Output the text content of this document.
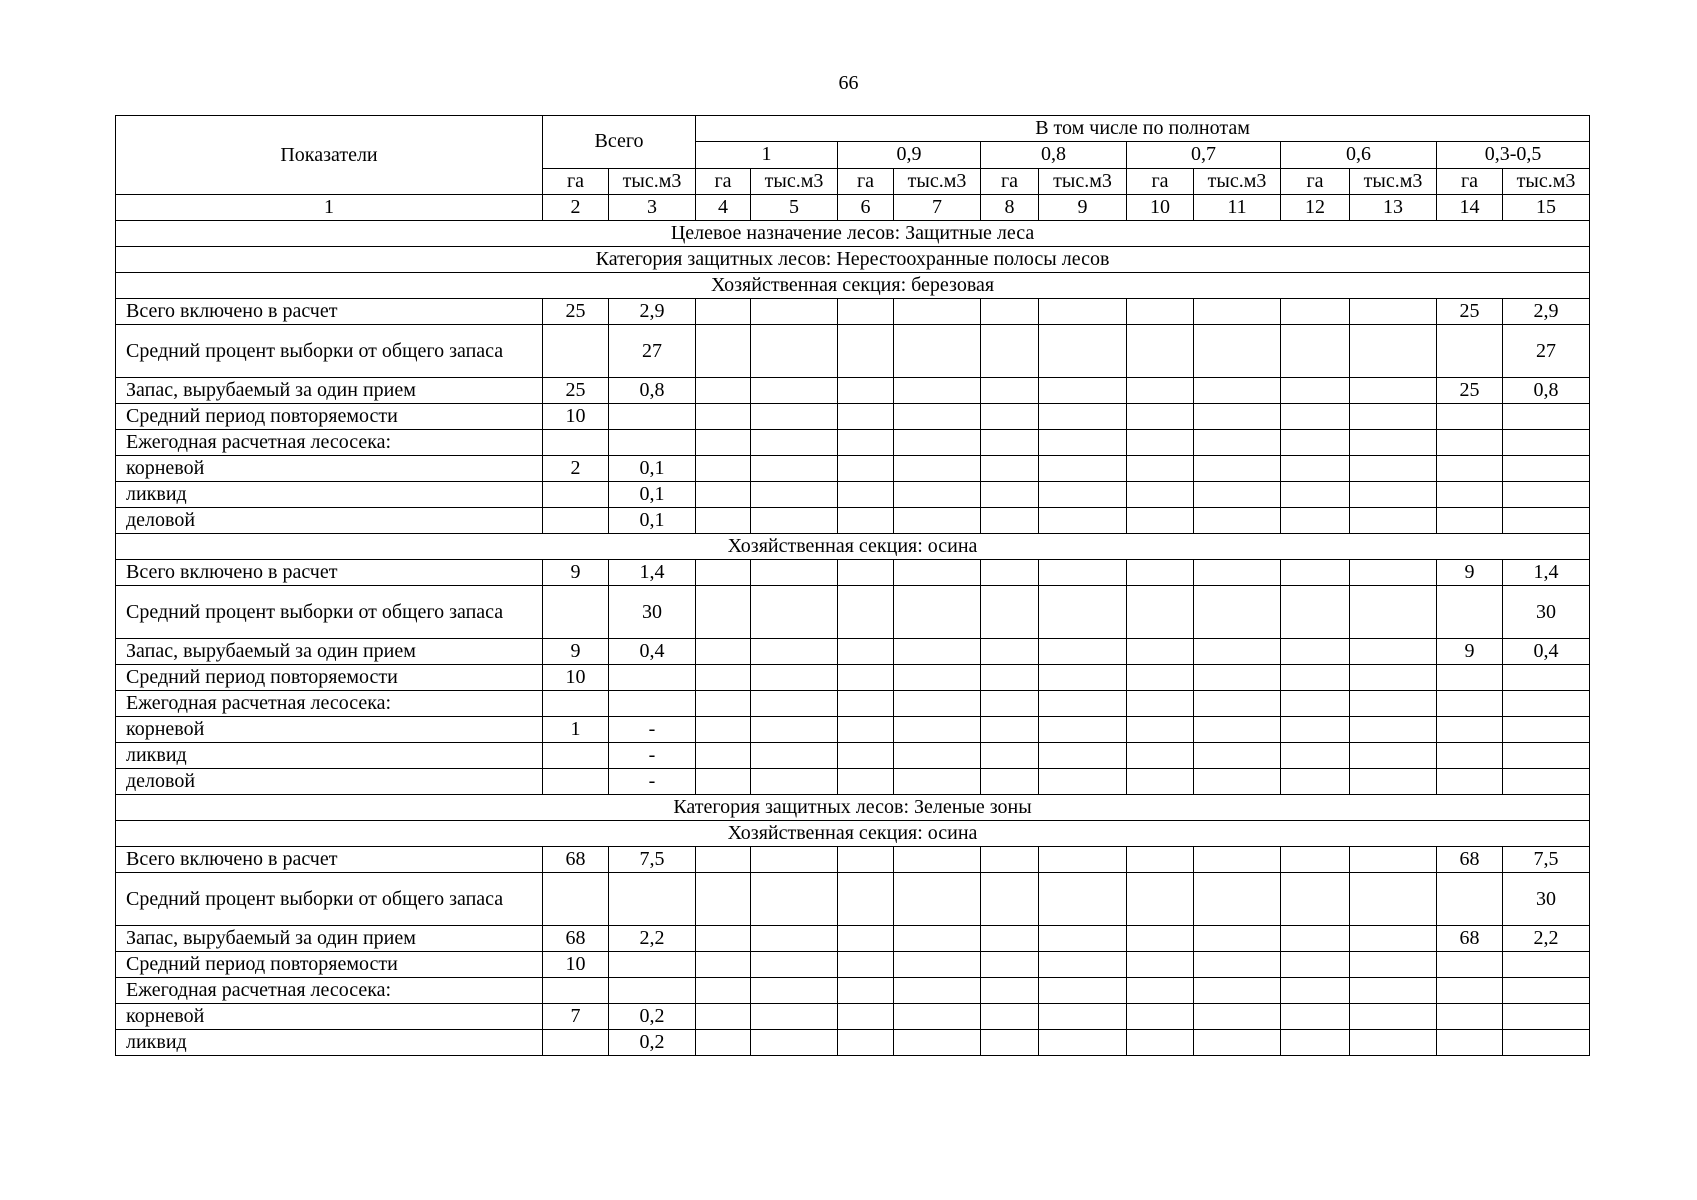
66
Показатели	Всего		В том числе по полнотам											
			1		0,9		0,8		0,7		0,6		0,3-0,5	
	га	тыс.м3	га	тыс.м3	га	тыс.м3	га	тыс.м3	га	тыс.м3	га	тыс.м3	га	тыс.м3
1	2	3	4	5	6	7	8	9	10	11	12	13	14	15
Целевое назначение лесов: Защитные леса														
Категория защитных лесов: Нерестоохранные полосы лесов														
Хозяйственная секция: березовая														
Всего включено в расчет	25	2,9											25	2,9
Средний процент выборки от общего запаса		27												27
Запас, вырубаемый за один прием	25	0,8											25	0,8
Средний период повторяемости	10													
Ежегодная расчетная лесосека:														
корневой	2	0,1												
ликвид		0,1												
деловой		0,1												
Хозяйственная секция: осина														
Всего включено в расчет	9	1,4											9	1,4
Средний процент выборки от общего запаса		30												30
Запас, вырубаемый за один прием	9	0,4											9	0,4
Средний период повторяемости	10													
Ежегодная расчетная лесосека:														
корневой	1	-												
ликвид		-												
деловой		-												
Категория защитных лесов: Зеленые зоны														
Хозяйственная секция: осина														
Всего включено в расчет	68	7,5											68	7,5
Средний процент выборки от общего запаса														30
Запас, вырубаемый за один прием	68	2,2											68	2,2
Средний период повторяемости	10													
Ежегодная расчетная лесосека:														
корневой	7	0,2												
ликвид		0,2												
